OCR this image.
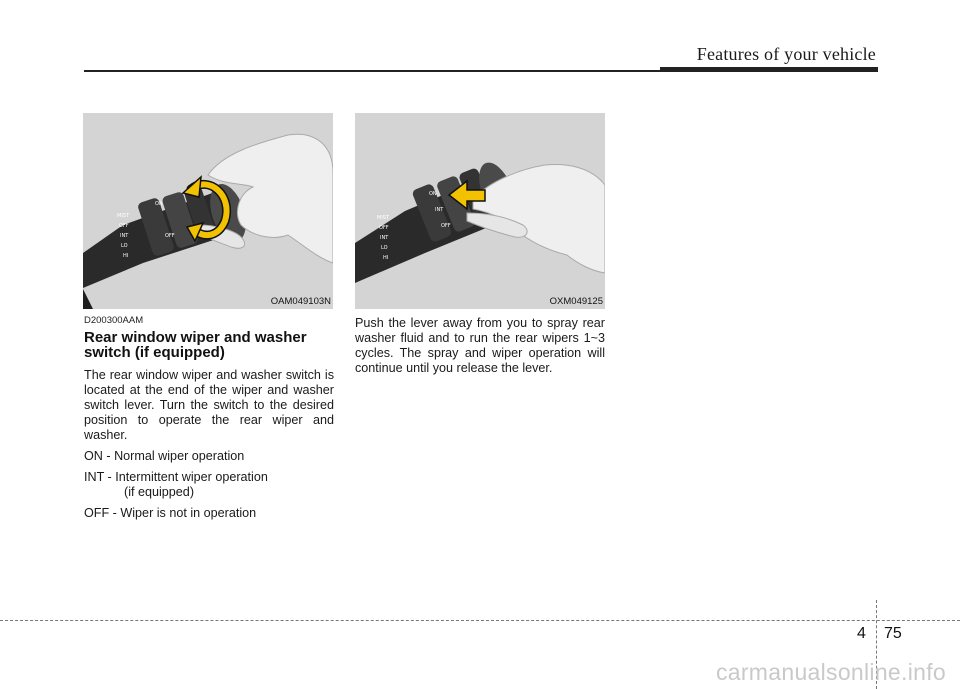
Features of your vehicle
MIST
OFF
INT
LO
HI
ON
OFF
OAM049103N
MIST
OFF
INT
LO
HI
ON
INT
OFF
OXM049125
D200300AAM
Rear window wiper and washer switch (if equipped)
The rear window wiper and washer switch is located at the end of the wiper and washer switch lever. Turn the switch to the desired position to operate the rear wiper and washer.
ON - Normal wiper operation
INT - Intermittent wiper operation
(if equipped)
OFF - Wiper is not in operation
Push the lever away from you to spray rear washer fluid and to run the rear wipers 1~3 cycles. The spray and wiper operation will continue until you release the lever.
4 75
carmanualsonline.info
